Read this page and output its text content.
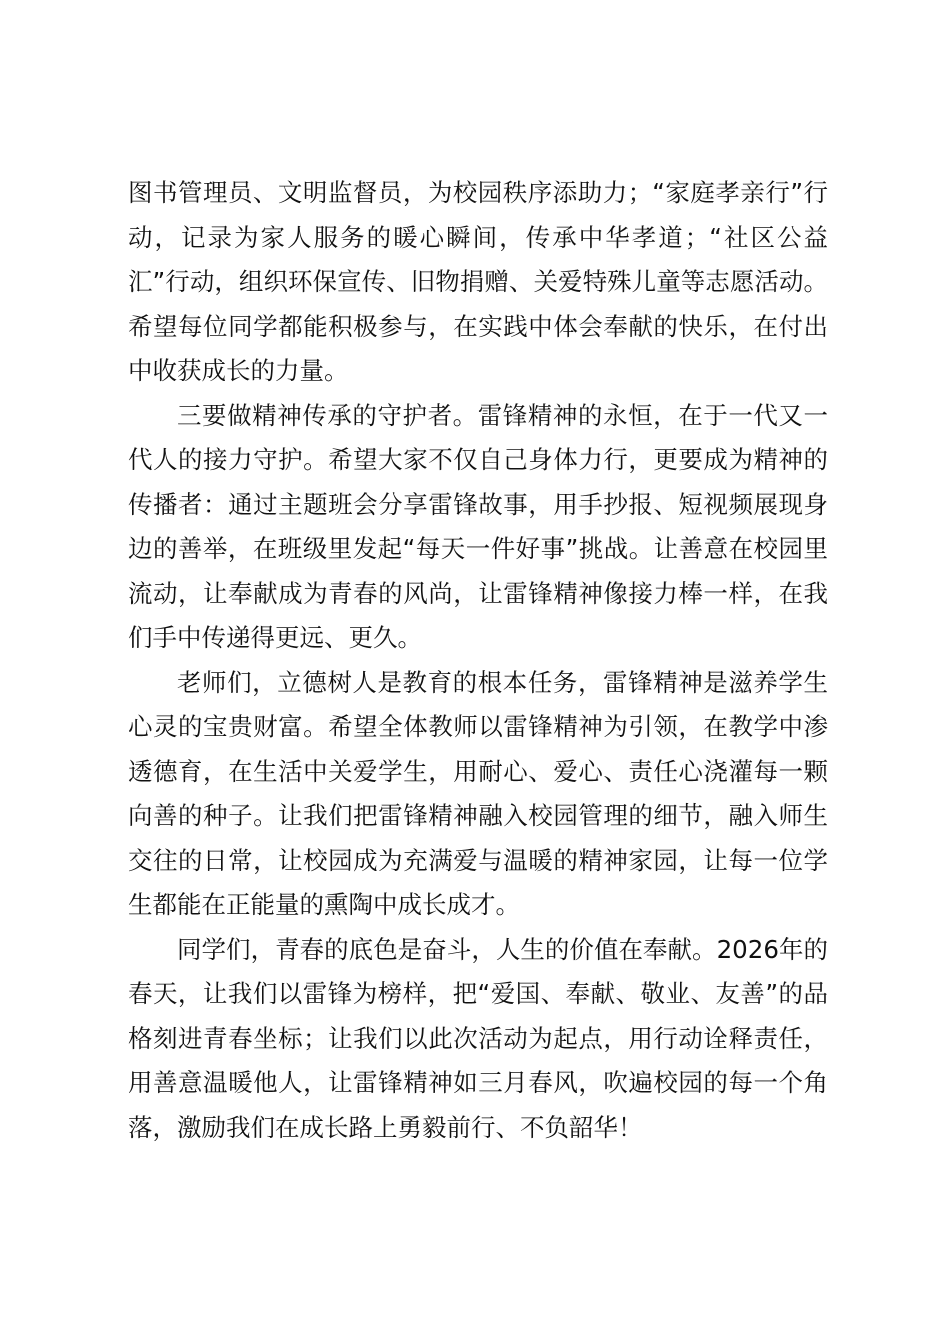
图书管理员、文明监督员，为校园秩序添助力；“家庭孝亲行”行动，记录为家人服务的暖心瞬间，传承中华孝道；“社区公益汇”行动，组织环保宣传、旧物捐赠、关爱特殊儿童等志愿活动。希望每位同学都能积极参与，在实践中体会奉献的快乐，在付出中收获成长的力量。

三要做精神传承的守护者。雷锋精神的永恒，在于一代又一代人的接力守护。希望大家不仅自己身体力行，更要成为精神的传播者：通过主题班会分享雷锋故事，用手抄报、短视频展现身边的善举，在班级里发起“每天一件好事”挑战。让善意在校园里流动，让奉献成为青春的风尚，让雷锋精神像接力棒一样，在我们手中传递得更远、更久。

老师们，立德树人是教育的根本任务，雷锋精神是滋养学生心灵的宝贵财富。希望全体教师以雷锋精神为引领，在教学中渗透德育，在生活中关爱学生，用耐心、爱心、责任心浇灌每一颗向善的种子。让我们把雷锋精神融入校园管理的细节，融入师生交往的日常，让校园成为充满爱与温暖的精神家园，让每一位学生都能在正能量的熏陶中成长成才。

同学们，青春的底色是奋斗，人生的价值在奉献。2026年的春天，让我们以雷锋为榜样，把“爱国、奉献、敬业、友善”的品格刻进青春坐标；让我们以此次活动为起点，用行动诠释责任，用善意温暖他人，让雷锋精神如三月春风，吹遍校园的每一个角落，激励我们在成长路上勇毅前行、不负韶华！
